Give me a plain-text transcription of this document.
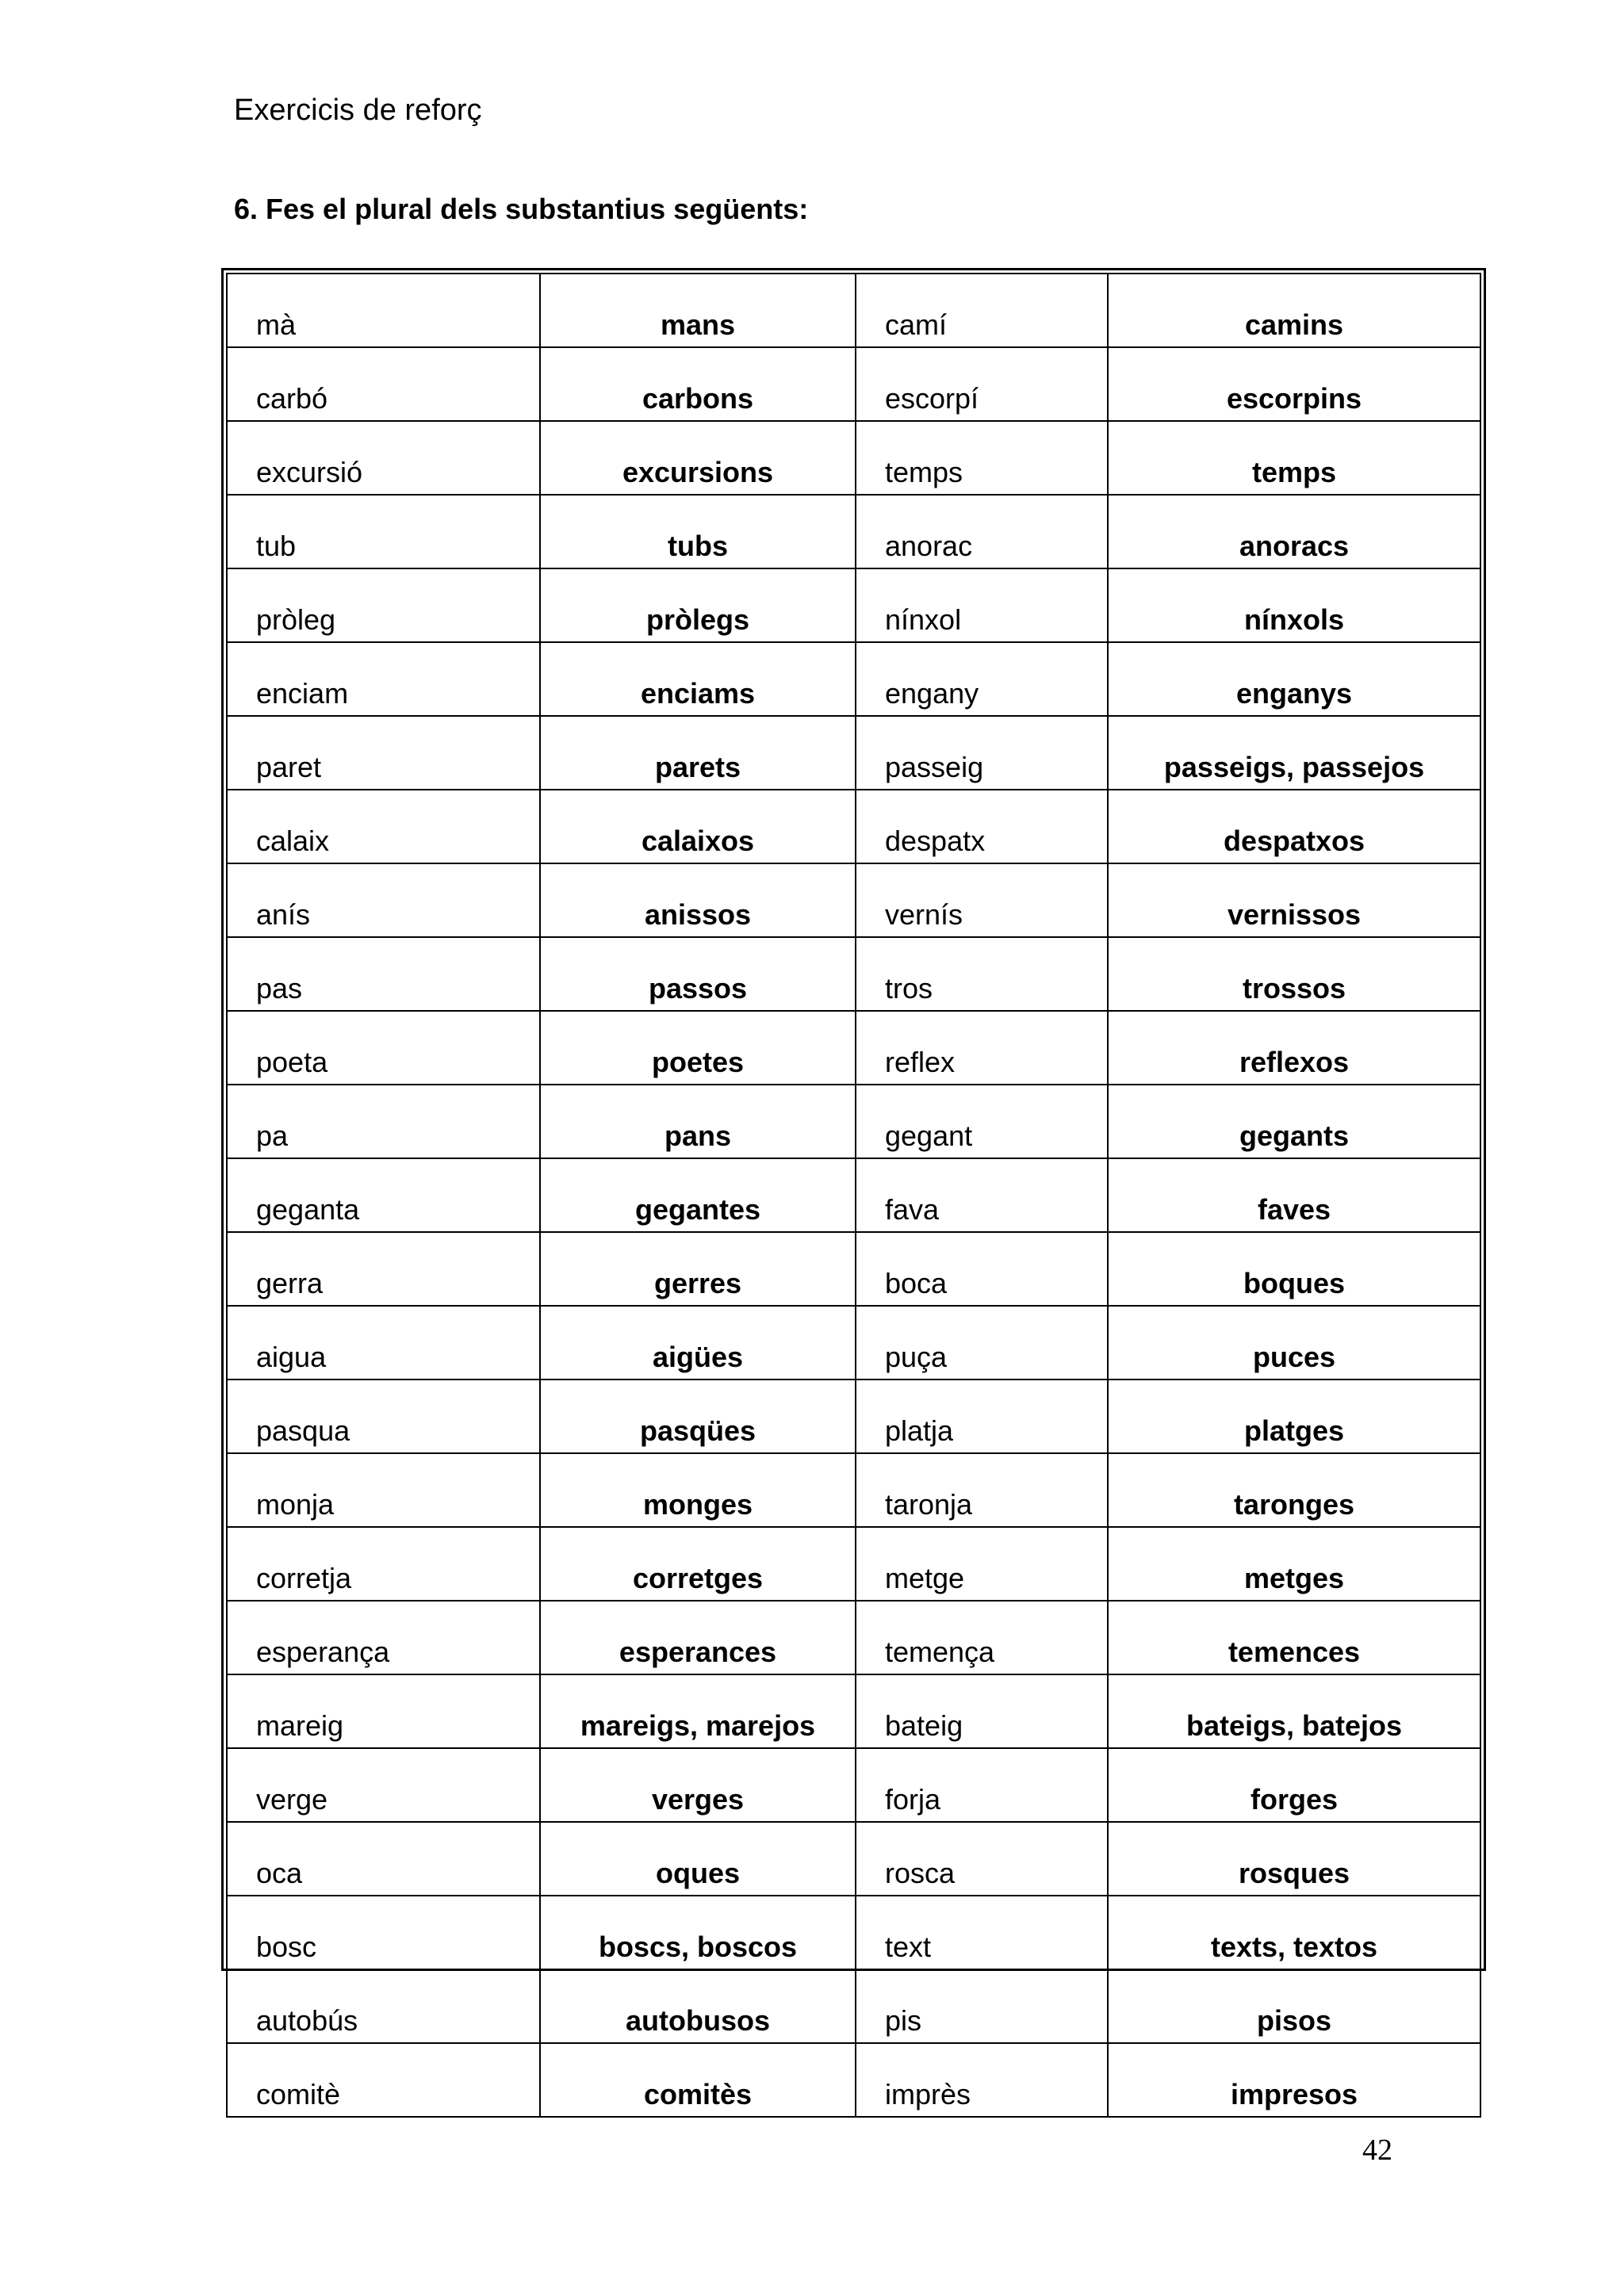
Exercicis de reforç
6. Fes el plural dels substantius següents:
mà	mans	camí	camins
carbó	carbons	escorpí	escorpins
excursió	excursions	temps	temps
tub	tubs	anorac	anoracs
pròleg	pròlegs	nínxol	nínxols
enciam	enciams	engany	enganys
paret	parets	passeig	passeigs, passejos
calaix	calaixos	despatx	despatxos
anís	anissos	vernís	vernissos
pas	passos	tros	trossos
poeta	poetes	reflex	reflexos
pa	pans	gegant	gegants
geganta	gegantes	fava	faves
gerra	gerres	boca	boques
aigua	aigües	puça	puces
pasqua	pasqües	platja	platges
monja	monges	taronja	taronges
corretja	corretges	metge	metges
esperança	esperances	temença	temences
mareig	mareigs, marejos	bateig	bateigs, batejos
verge	verges	forja	forges
oca	oques	rosca	rosques
bosc	boscs, boscos	text	texts, textos
autobús	autobusos	pis	pisos
comitè	comitès	imprès	impresos
42
